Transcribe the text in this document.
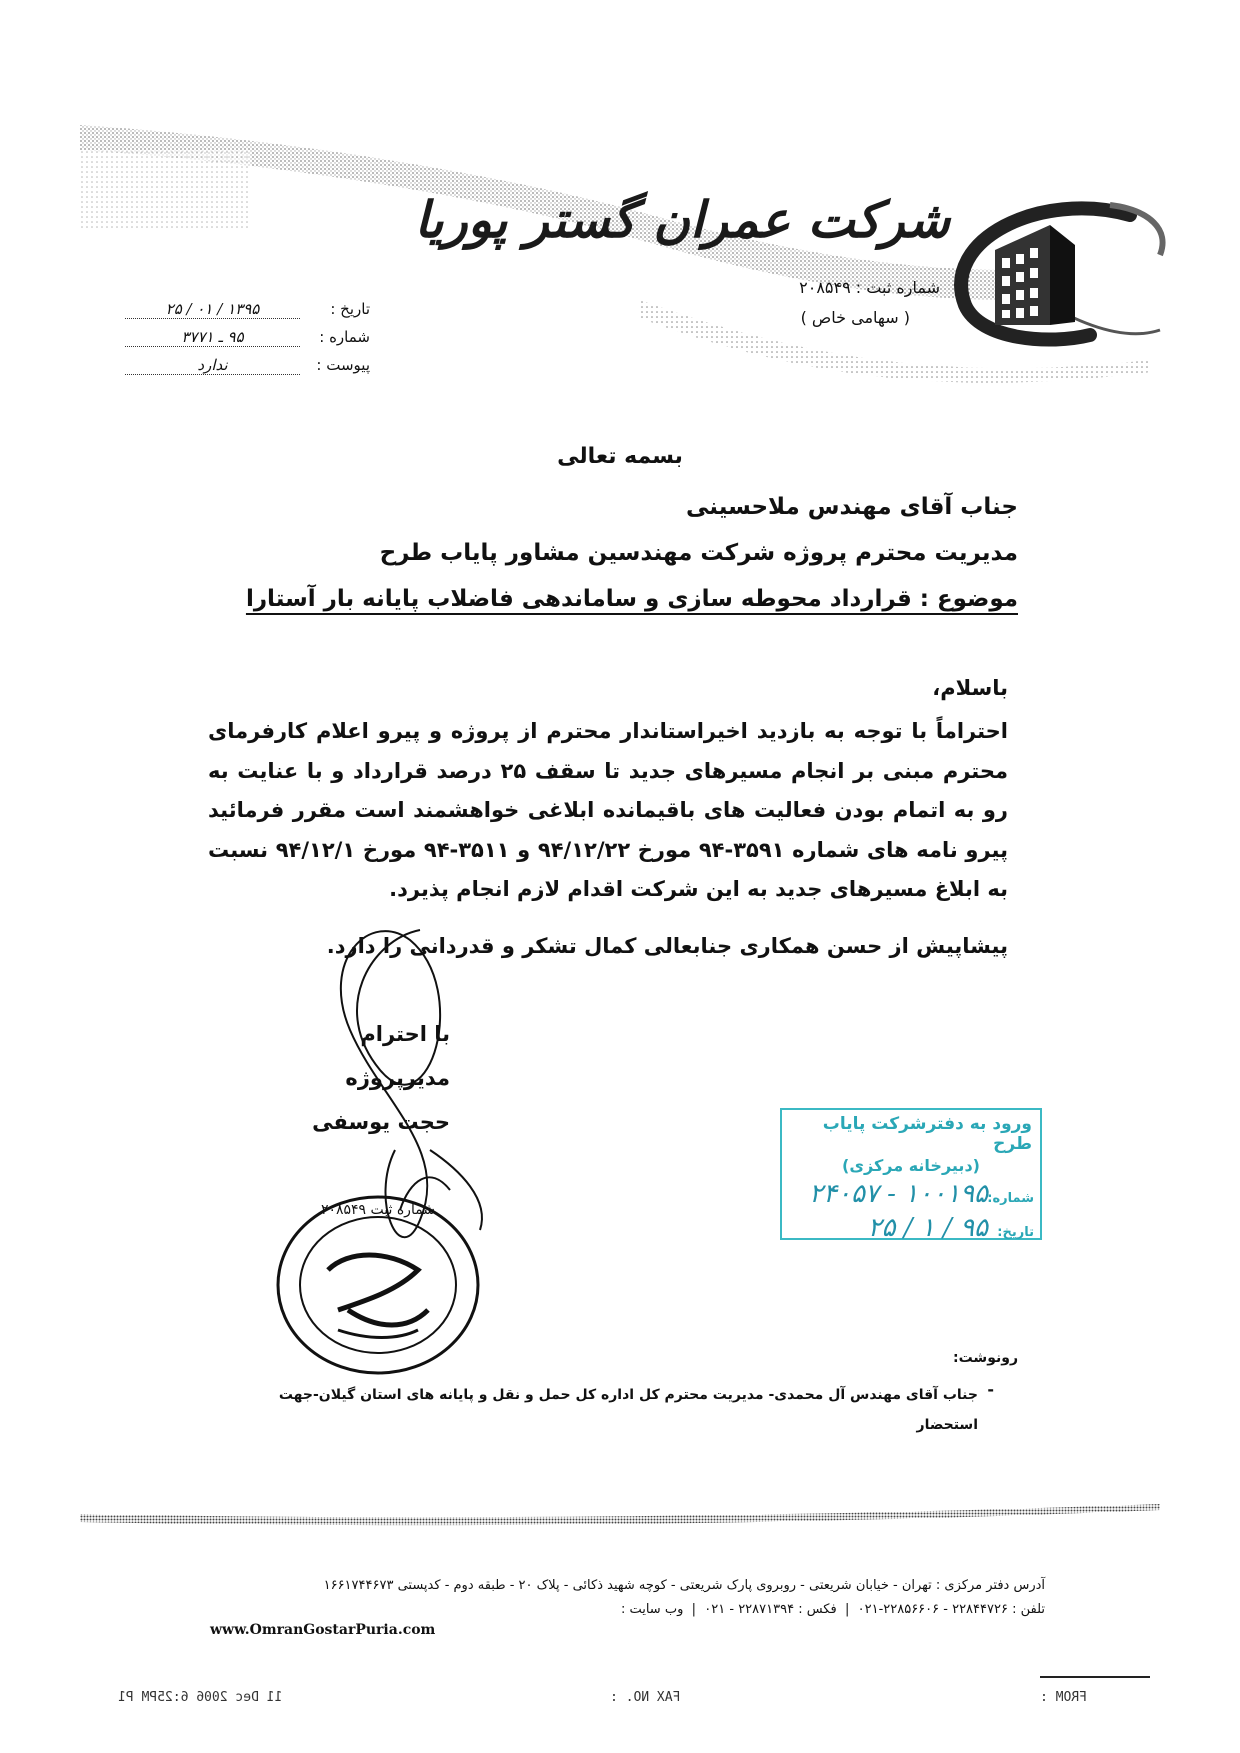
شرکت عمران گستر پوریا
شماره ثبت : ۲۰۸۵۴۹
( سهامی خاص )
تاریخ :۱۳۹۵ / ۰۱ / ۲۵
شماره :۹۵ ـ ۳۷۷۱
پیوست :ندارد
بسمه تعالی
جناب آقای مهندس ملاحسینی
مدیریت محترم پروژه شرکت مهندسین مشاور پایاب طرح
موضوع : قرارداد محوطه سازی و ساماندهی فاضلاب پایانه بار آستارا
باسلام،
احتراماً با توجه به بازدید اخیراستاندار محترم از پروژه و پیرو اعلام کارفرمای محترم مبنی بر انجام مسیرهای جدید تا سقف ۲۵ درصد قرارداد و با عنایت به رو به اتمام بودن فعالیت های باقیمانده ابلاغی خواهشمند است مقرر فرمائید پیرو نامه های شماره ۳۵۹۱-۹۴ مورخ ۹۴/۱۲/۲۲ و ۳۵۱۱-۹۴ مورخ ۹۴/۱۲/۱ نسبت به ابلاغ مسیرهای جدید به این شرکت اقدام لازم انجام پذیرد.
پیشاپیش از حسن همکاری جنابعالی کمال تشکر و قدردانی را دارد.
با احترام
مدیرپروژه
حجت یوسفی
شماره ثبت ۲۰۸۵۴۹
ورود به دفترشرکت پایاب طرح
(دبیرخانه مرکزی)
شماره:
۱۰۰۱۹۵ - ۲۴۰۵۷
تاریخ:
۹۵ / ۱ / ۲۵
رونوشت:
-
جناب آقای مهندس آل محمدی- مدیریت محترم کل اداره کل حمل و نقل و پایانه های استان گیلان-جهت استحضار
آدرس دفتر مرکزی : تهران - خیابان شریعتی - روبروی پارک شریعتی - کوچه شهید ذکائی - پلاک ۲۰ - طبقه دوم - کدپستی ۱۶۶۱۷۴۴۶۷۳
تلفن : ۲۲۸۴۴۷۲۶ - ۲۲۸۵۶۶۰۶-۰۲۱  |  فکس : ۲۲۸۷۱۳۹۴ - ۰۲۱  |  وب سایت :
www.OmranGostarPuria.com
11 Dec 2006 6:25PM P1	FAX NO. :	FROM :
